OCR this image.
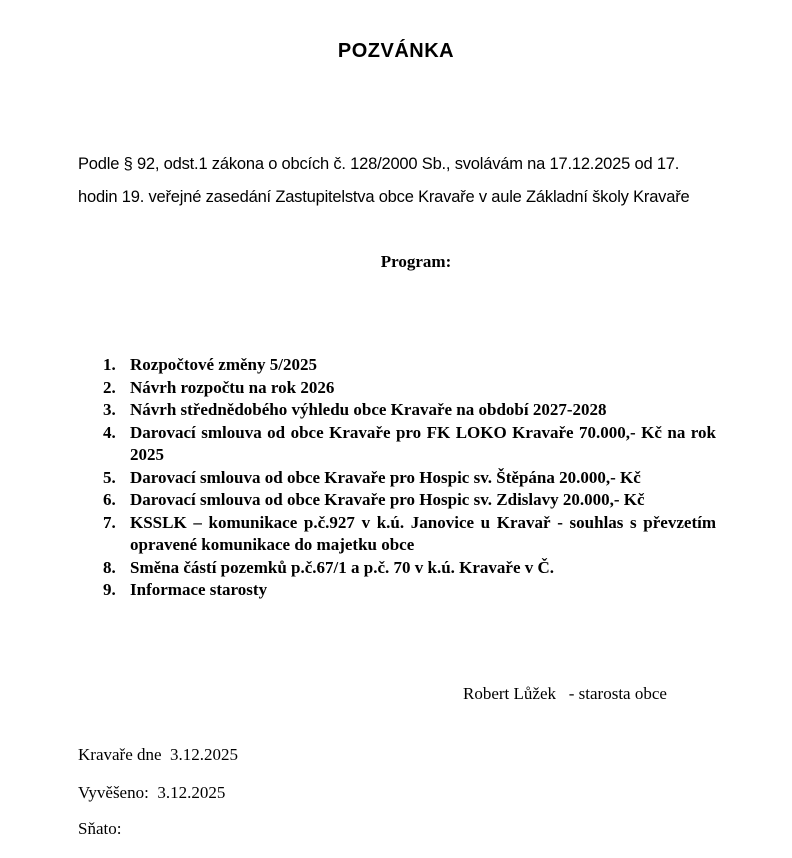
POZVÁNKA

Podle § 92, odst.1 zákona o obcích č. 128/2000 Sb., svolávám na 17.12.2025 od 17. hodin 19. veřejné zasedání Zastupitelstva obce Kravaře v aule Základní školy Kravaře

Program:
1. Rozpočtové změny 5/2025
2. Návrh rozpočtu na rok 2026
3. Návrh střednědobého výhledu obce Kravaře na období 2027-2028
4. Darovací smlouva od obce Kravaře pro FK LOKO Kravaře 70.000,- Kč na rok 2025
5. Darovací smlouva od obce Kravaře pro Hospic sv. Štěpána 20.000,- Kč
6. Darovací smlouva od obce Kravaře pro Hospic sv. Zdislavy 20.000,- Kč
7. KSSLK – komunikace p.č.927 v k.ú. Janovice u Kravař - souhlas s převzetím opravené komunikace do majetku obce
8. Směna částí pozemků p.č.67/1 a p.č. 70 v k.ú. Kravaře v Č.
9. Informace starosty
Robert Lůžek   - starosta obce
Kravaře dne  3.12.2025
Vyvěšeno:  3.12.2025
Sňato:
